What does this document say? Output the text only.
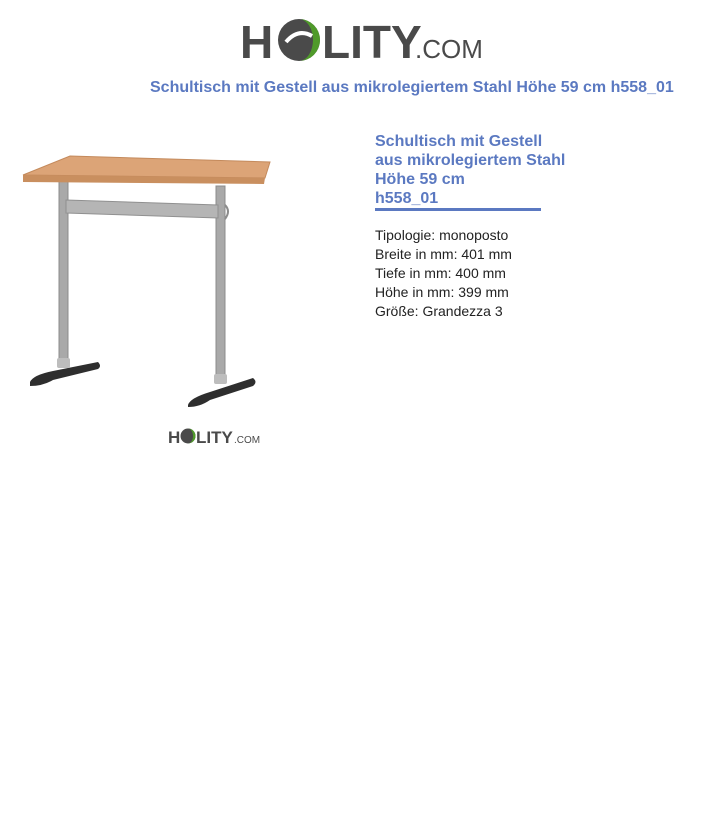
H LITY
.COM
Schultisch mit Gestell aus mikrolegiertem Stahl Höhe 59 cm h558_01
H LITY .COM
Schultisch mit Gestell
aus mikrolegiertem Stahl
Höhe 59 cm
h558_01
Tipologie: monoposto
Breite in mm: 401 mm
Tiefe in mm: 400 mm
Höhe in mm: 399 mm
Größe: Grandezza 3
